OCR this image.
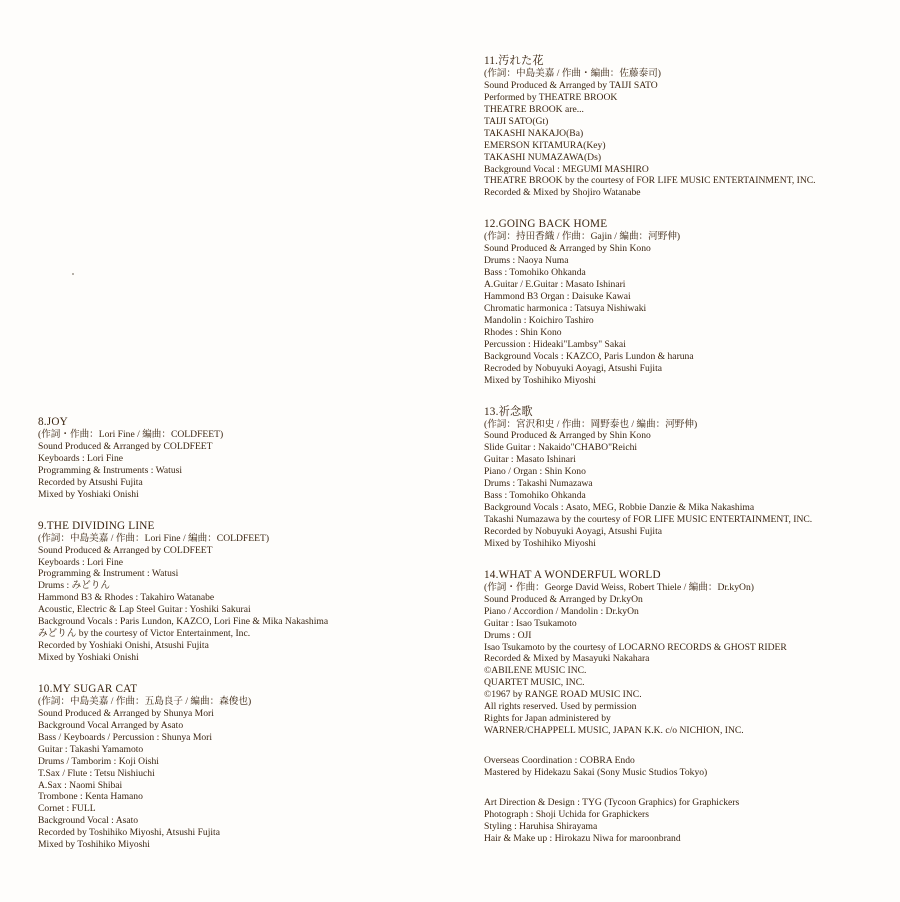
8.JOY
(作詞・作曲：Lori Fine / 編曲：COLDFEET)
Sound Produced & Arranged by COLDFEET
Keyboards : Lori Fine
Programming & Instruments : Watusi
Recorded by Atsushi Fujita
Mixed by Yoshiaki Onishi
9.THE DIVIDING LINE
(作詞：中島美嘉 / 作曲：Lori Fine / 編曲：COLDFEET)
Sound Produced & Arranged by COLDFEET
Keyboards : Lori Fine
Programming & Instrument : Watusi
Drums : みどりん
Hammond B3 & Rhodes : Takahiro Watanabe
Acoustic, Electric & Lap Steel Guitar : Yoshiki Sakurai
Background Vocals : Paris Lundon, KAZCO, Lori Fine & Mika Nakashima
みどりん by the courtesy of Victor Entertainment, Inc.
Recorded by Yoshiaki Onishi, Atsushi Fujita
Mixed by Yoshiaki Onishi
10.MY SUGAR CAT
(作詞：中島美嘉 / 作曲：五島良子 / 編曲：森俊也)
Sound Produced & Arranged by Shunya Mori
Background Vocal Arranged by Asato
Bass / Keyboards / Percussion : Shunya Mori
Guitar : Takashi Yamamoto
Drums / Tamborim : Koji Oishi
T.Sax / Flute : Tetsu Nishiuchi
A.Sax : Naomi Shibai
Trombone : Kenta Hamano
Cornet : FULL
Background Vocal : Asato
Recorded by Toshihiko Miyoshi, Atsushi Fujita
Mixed by Toshihiko Miyoshi
11.汚れた花
(作詞：中島美嘉 / 作曲・編曲：佐藤泰司)
Sound Produced & Arranged by TAIJI SATO
Performed by THEATRE BROOK
THEATRE BROOK are...
TAIJI SATO(Gt)
TAKASHI NAKAJO(Ba)
EMERSON KITAMURA(Key)
TAKASHI NUMAZAWA(Ds)
Background Vocal : MEGUMI MASHIRO
THEATRE BROOK by the courtesy of FOR LIFE MUSIC ENTERTAINMENT, INC.
Recorded & Mixed by Shojiro Watanabe
12.GOING BACK HOME
(作詞：持田香織 / 作曲：Gajin / 編曲：河野伸)
Sound Produced & Arranged by Shin Kono
Drums : Naoya Numa
Bass : Tomohiko Ohkanda
A.Guitar / E.Guitar : Masato Ishinari
Hammond B3 Organ : Daisuke Kawai
Chromatic harmonica : Tatsuya Nishiwaki
Mandolin : Koichiro Tashiro
Rhodes : Shin Kono
Percussion : Hideaki"Lambsy" Sakai
Background Vocals : KAZCO, Paris Lundon & haruna
Recroded by Nobuyuki Aoyagi, Atsushi Fujita
Mixed by Toshihiko Miyoshi
13.祈念歌
(作詞：宮沢和史 / 作曲：岡野泰也 / 編曲：河野伸)
Sound Produced & Arranged by Shin Kono
Slide Guitar : Nakaido"CHABO"Reichi
Guitar : Masato Ishinari
Piano / Organ : Shin Kono
Drums : Takashi Numazawa
Bass : Tomohiko Ohkanda
Background Vocals : Asato, MEG, Robbie Danzie & Mika Nakashima
Takashi Numazawa by the courtesy of FOR LIFE MUSIC ENTERTAINMENT, INC.
Recorded by Nobuyuki Aoyagi, Atsushi Fujita
Mixed by Toshihiko Miyoshi
14.WHAT A WONDERFUL WORLD
(作詞・作曲：George David Weiss, Robert Thiele / 編曲：Dr.kyOn)
Sound Produced & Arranged by Dr.kyOn
Piano / Accordion / Mandolin : Dr.kyOn
Guitar : Isao Tsukamoto
Drums : OJI
Isao Tsukamoto by the courtesy of LOCARNO RECORDS & GHOST RIDER
Recorded & Mixed by Masayuki Nakahara
©ABILENE MUSIC INC.
QUARTET MUSIC, INC.
©1967 by RANGE ROAD MUSIC INC.
All rights reserved. Used by permission
Rights for Japan administered by
WARNER/CHAPPELL MUSIC, JAPAN K.K. c/o NICHION, INC.
Overseas Coordination : COBRA Endo
Mastered by Hidekazu Sakai (Sony Music Studios Tokyo)
Art Direction & Design : TYG (Tycoon Graphics) for Graphickers
Photograph : Shoji Uchida for Graphickers
Styling : Haruhisa Shirayama
Hair & Make up : Hirokazu Niwa for maroonbrand
